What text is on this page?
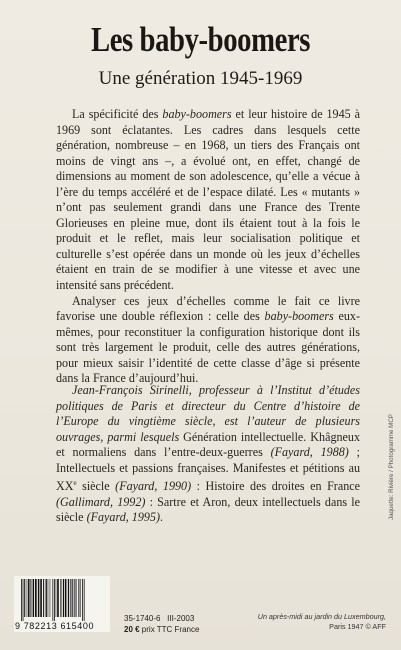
Les baby-boomers
Une génération 1945-1969

La spécificité des baby-boomers et leur histoire de 1945 à 1969 sont éclatantes. Les cadres dans lesquels cette génération, nombreuse – en 1968, un tiers des Français ont moins de vingt ans –, a évolué ont, en effet, changé de dimensions au moment de son adolescence, qu’elle a vécue à l’ère du temps accéléré et de l’espace dilaté. Les « mutants » n’ont pas seulement grandi dans une France des Trente Glorieuses en pleine mue, dont ils étaient tout à la fois le produit et le reflet, mais leur socialisation politique et culturelle s’est opérée dans un monde où les jeux d’échelles étaient en train de se modifier à une vitesse et avec une intensité sans précédent.

Analyser ces jeux d’échelles comme le fait ce livre favorise une double réflexion : celle des baby-boomers eux-mêmes, pour reconstituer la configuration historique dont ils sont très largement le produit, celle des autres générations, pour mieux saisir l’identité de cette classe d’âge si présente dans la France d’aujourd’hui.

Jean-François Sirinelli, professeur à l’Institut d’études politiques de Paris et directeur du Centre d’histoire de l’Europe du vingtième siècle, est l’auteur de plusieurs ouvrages, parmi lesquels Génération intellectuelle. Khâgneux et normaliens dans l’entre-deux-guerres (Fayard, 1988) ; Intellectuels et passions françaises. Manifestes et pétitions au XXe siècle (Fayard, 1990) : Histoire des droites en France (Gallimard, 1992) : Sartre et Aron, deux intellectuels dans le siècle (Fayard, 1995).

9 782213 615400
35-1740-6 III-2003
20 € prix TTC France
Un après-midi au jardin du Luxembourg,
Paris 1947 © AFF
Jaquette: Rivière / Photogramme MCP
